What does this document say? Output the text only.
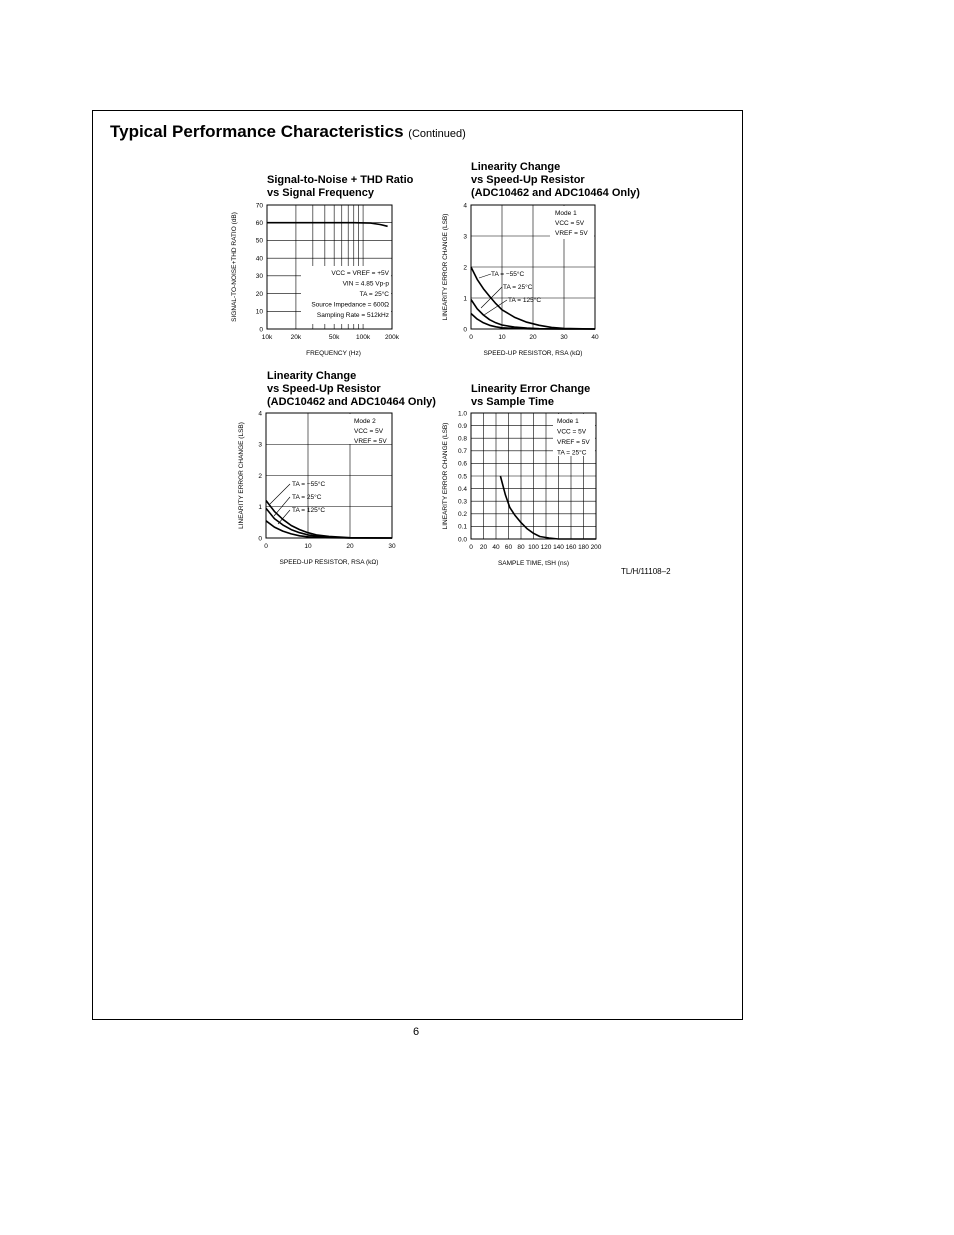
Typical Performance Characteristics (Continued)
Signal-to-Noise + THD Ratio
vs Signal Frequency
VCC = VREF = +5V
VIN = 4.85 Vp-p
TA = 25°C
Source Impedance = 600Ω
Sampling Rate = 512kHz
10k	20k	50k	100k 200k
0
10
20
30
40
50
60
70
FREQUENCY (Hz)
SIGNAL-TO-NOISE+THD RATIO (dB)
Linearity Change
vs Speed-Up Resistor
(ADC10462 and ADC10464 Only)
Mode 1
VCC = 5V
VREF = 5V
0	10	20	30	40
0
1
2
3
4
SPEED-UP RESISTOR, RSA (kΩ)
LINEARITY ERROR CHANGE (LSB)	TA = −55°C
TA = 25°C
TA = 125°C
Linearity Change
vs Speed-Up Resistor
(ADC10462 and ADC10464 Only)
Mode 2
VCC = 5V
VREF = 5V
0	10	20	30
0
1
2
3
4
SPEED-UP RESISTOR, RSA (kΩ)
LINEARITY ERROR CHANGE (LSB)	TA = −55°C
TA = 25°C
TA = 125°C
Linearity Error Change
vs Sample Time
Mode 1
VCC = 5V
VREF = 5V
TA = 25°C
0 20 40 60 80 100 120 140 160 180 200
0.0
0.1
0.2
0.3
0.4
0.5
0.6
0.7
0.8
0.9
1.0
SAMPLE TIME, tSH (ns)
LINEARITY ERROR CHANGE (LSB)
TL/H/11108–2
6
